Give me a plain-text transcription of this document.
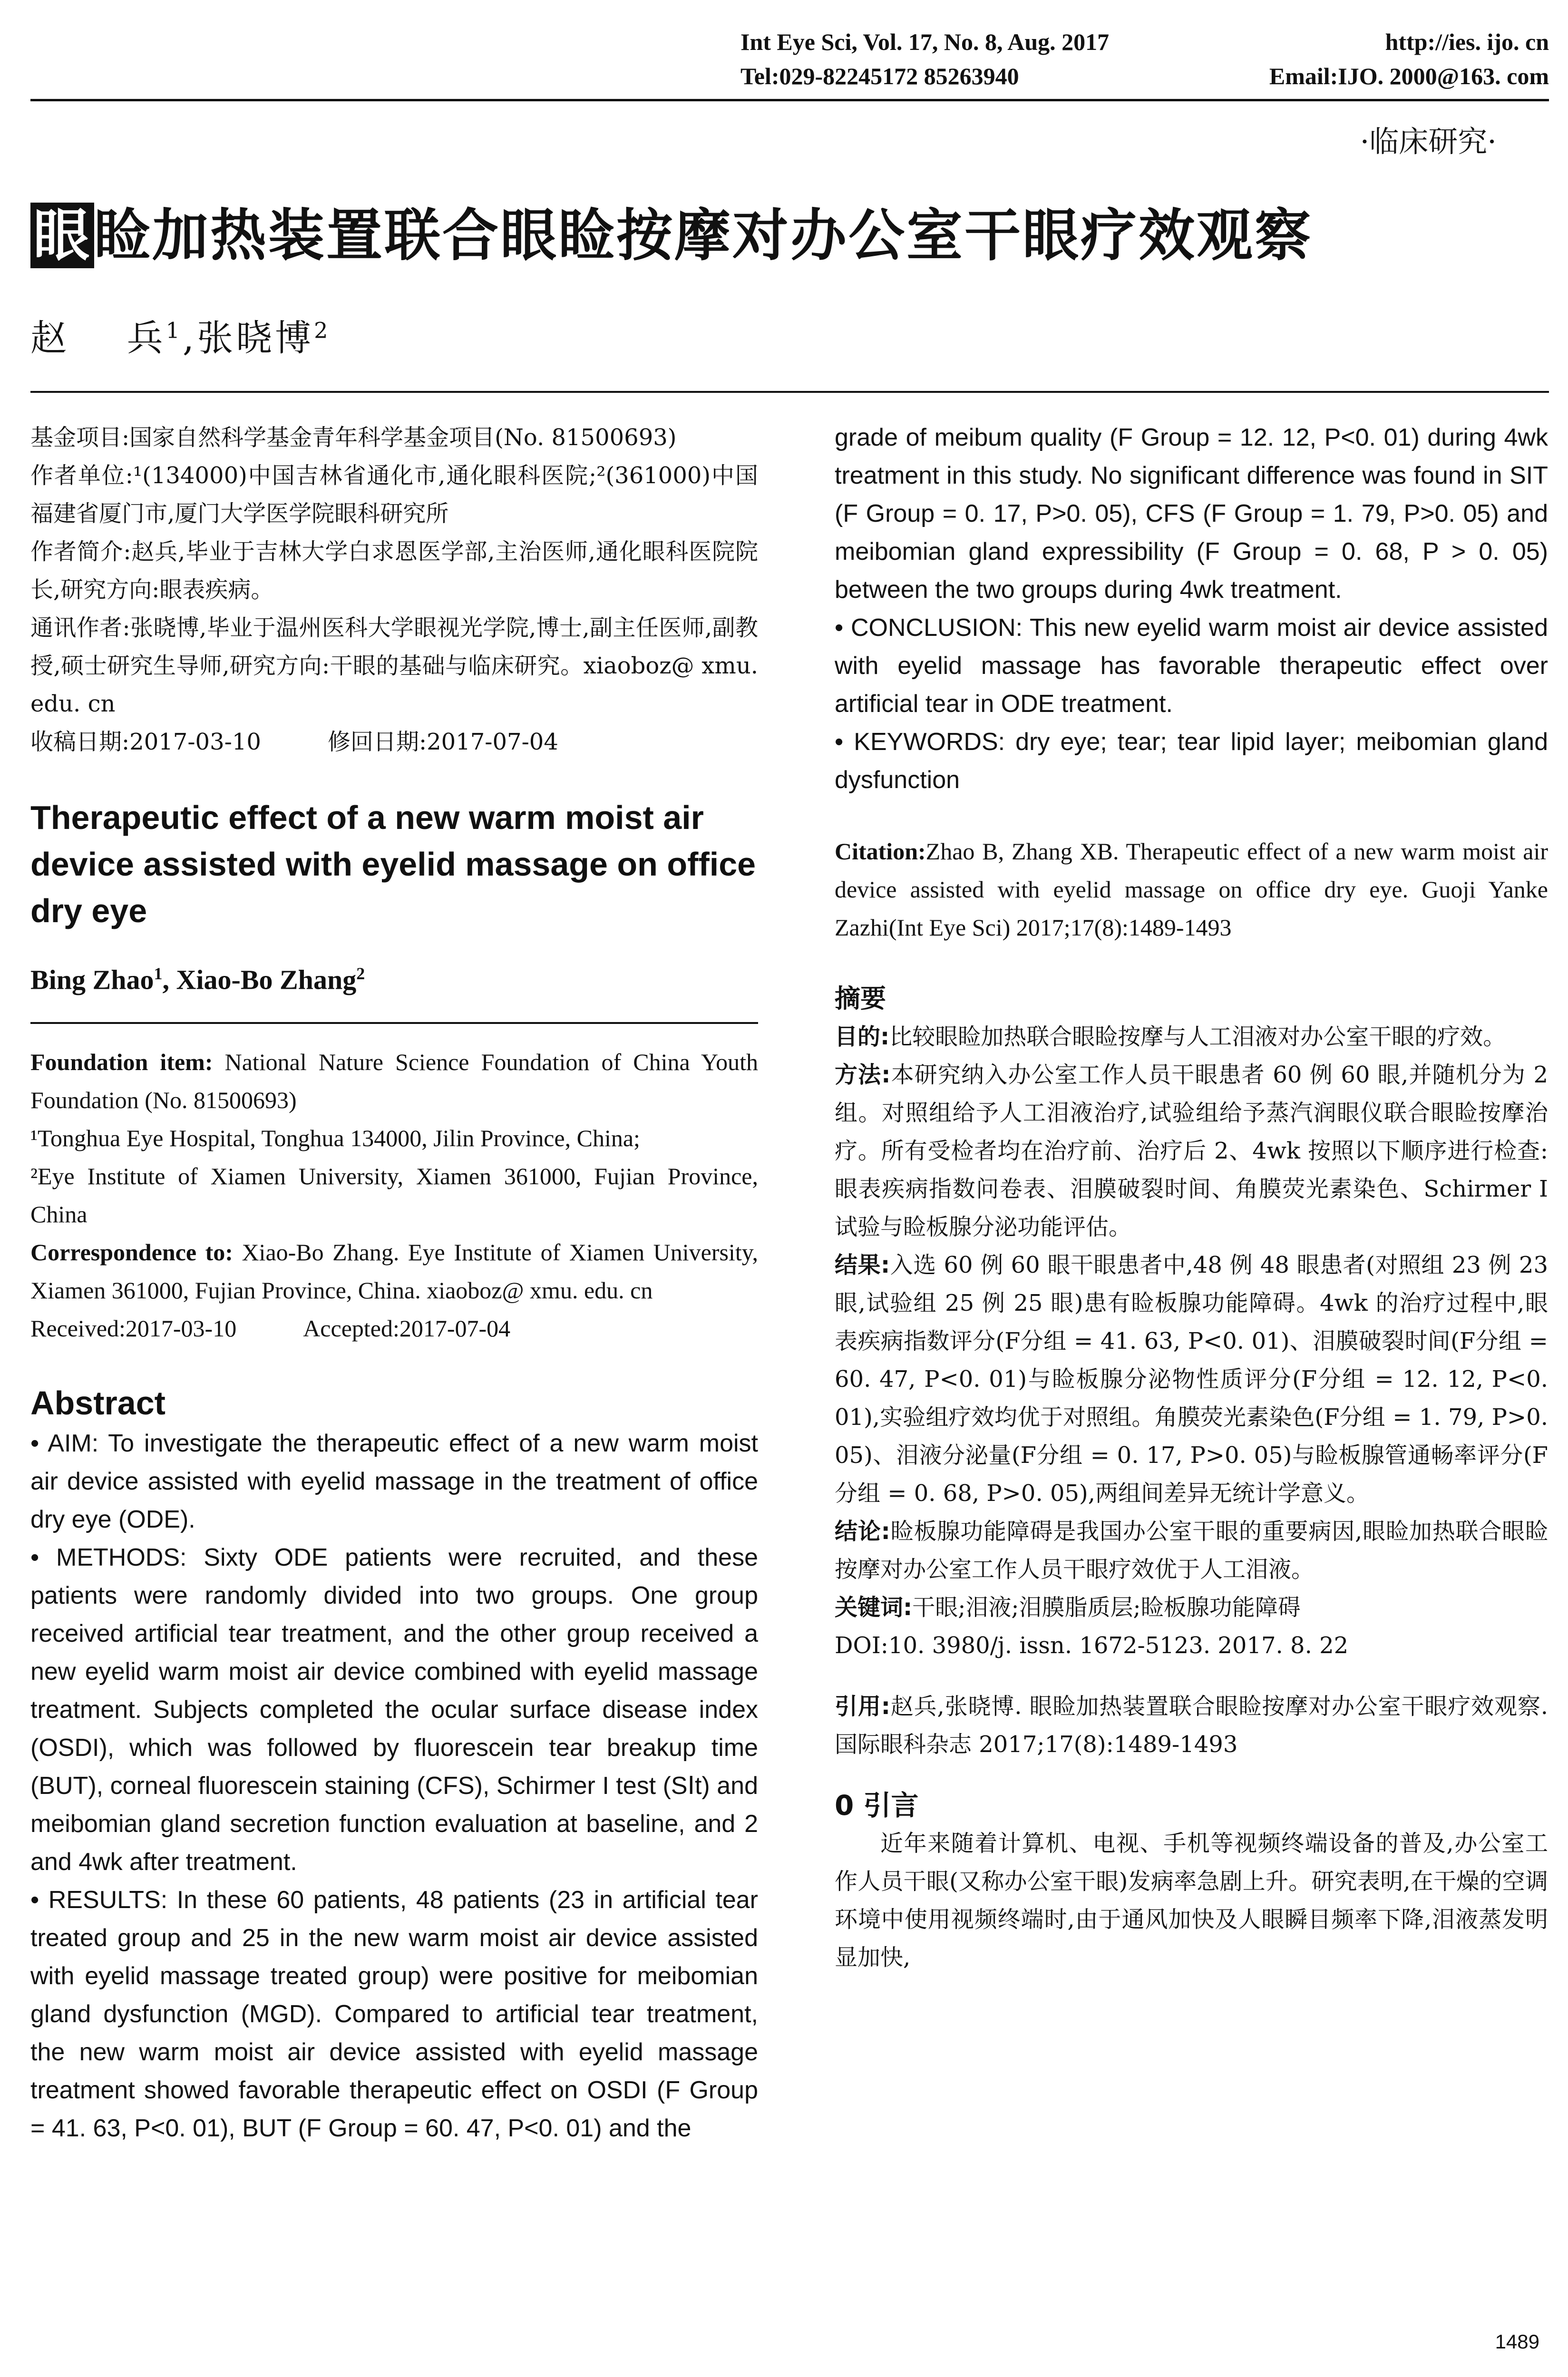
Int Eye Sci, Vol. 17, No. 8, Aug. 2017	http://ies. ijo. cn
Tel:029-82245172 85263940	Email:IJO. 2000@163. com
·临床研究·
眼睑加热装置联合眼睑按摩对办公室干眼疗效观察
赵    兵$^1$,张晓博$^2$

基金项目:国家自然科学基金青年科学基金项目(No. 81500693)

作者单位:¹(134000)中国吉林省通化市,通化眼科医院;²(361000)中国福建省厦门市,厦门大学医学院眼科研究所

作者简介:赵兵,毕业于吉林大学白求恩医学部,主治医师,通化眼科医院院长,研究方向:眼表疾病。

通讯作者:张晓博,毕业于温州医科大学眼视光学院,博士,副主任医师,副教授,硕士研究生导师,研究方向:干眼的基础与临床研究。xiaoboz@ xmu. edu. cn

收稿日期:2017-03-10	修回日期:2017-07-04

Therapeutic effect of a new warm moist air device assisted with eyelid massage on office dry eye

Bing Zhao$^1$, Xiao-Bo Zhang$^2$

Foundation item: National Nature Science Foundation of China Youth Foundation (No. 81500693)

¹Tonghua Eye Hospital, Tonghua 134000, Jilin Province, China;

²Eye Institute of Xiamen University, Xiamen 361000, Fujian Province, China

Correspondence to: Xiao-Bo Zhang. Eye Institute of Xiamen University, Xiamen 361000, Fujian Province, China. xiaoboz@ xmu. edu. cn

Received:2017-03-10	Accepted:2017-07-04

Abstract

• AIM: To investigate the therapeutic effect of a new warm moist air device assisted with eyelid massage in the treatment of office dry eye (ODE).

• METHODS: Sixty ODE patients were recruited, and these patients were randomly divided into two groups. One group received artificial tear treatment, and the other group received a new eyelid warm moist air device combined with eyelid massage treatment. Subjects completed the ocular surface disease index (OSDI), which was followed by fluorescein tear breakup time (BUT), corneal fluorescein staining (CFS), Schirmer I test (SⅠt) and meibomian gland secretion function evaluation at baseline, and 2 and 4wk after treatment.

• RESULTS: In these 60 patients, 48 patients (23 in artificial tear treated group and 25 in the new warm moist air device assisted with eyelid massage treated group) were positive for meibomian gland dysfunction (MGD). Compared to artificial tear treatment, the new warm moist air device assisted with eyelid massage treatment showed favorable therapeutic effect on OSDI (F Group = 41. 63, P<0. 01), BUT (F Group = 60. 47, P<0. 01) and the

grade of meibum quality (F Group = 12. 12, P<0. 01) during 4wk treatment in this study. No significant difference was found in SIT (F Group = 0. 17, P>0. 05), CFS (F Group = 1. 79, P>0. 05) and meibomian gland expressibility (F Group = 0. 68, P > 0. 05) between the two groups during 4wk treatment.

• CONCLUSION: This new eyelid warm moist air device assisted with eyelid massage has favorable therapeutic effect over artificial tear in ODE treatment.

• KEYWORDS: dry eye; tear; tear lipid layer; meibomian gland dysfunction

Citation:Zhao B, Zhang XB. Therapeutic effect of a new warm moist air device assisted with eyelid massage on office dry eye. Guoji Yanke Zazhi(Int Eye Sci) 2017;17(8):1489-1493

摘要

目的:比较眼睑加热联合眼睑按摩与人工泪液对办公室干眼的疗效。

方法:本研究纳入办公室工作人员干眼患者 60 例 60 眼,并随机分为 2 组。对照组给予人工泪液治疗,试验组给予蒸汽润眼仪联合眼睑按摩治疗。所有受检者均在治疗前、治疗后 2、4wk 按照以下顺序进行检查:眼表疾病指数问卷表、泪膜破裂时间、角膜荧光素染色、Schirmer I 试验与睑板腺分泌功能评估。

结果:入选 60 例 60 眼干眼患者中,48 例 48 眼患者(对照组 23 例 23 眼,试验组 25 例 25 眼)患有睑板腺功能障碍。4wk 的治疗过程中,眼表疾病指数评分(F分组 = 41. 63, P<0. 01)、泪膜破裂时间(F分组 = 60. 47, P<0. 01)与睑板腺分泌物性质评分(F分组 = 12. 12, P<0. 01),实验组疗效均优于对照组。角膜荧光素染色(F分组 = 1. 79, P>0. 05)、泪液分泌量(F分组 = 0. 17, P>0. 05)与睑板腺管通畅率评分(F分组 = 0. 68, P>0. 05),两组间差异无统计学意义。

结论:睑板腺功能障碍是我国办公室干眼的重要病因,眼睑加热联合眼睑按摩对办公室工作人员干眼疗效优于人工泪液。

关键词:干眼;泪液;泪膜脂质层;睑板腺功能障碍

DOI:10. 3980/j. issn. 1672-5123. 2017. 8. 22

引用:赵兵,张晓博. 眼睑加热装置联合眼睑按摩对办公室干眼疗效观察. 国际眼科杂志 2017;17(8):1489-1493

0 引言

近年来随着计算机、电视、手机等视频终端设备的普及,办公室工作人员干眼(又称办公室干眼)发病率急剧上升。研究表明,在干燥的空调环境中使用视频终端时,由于通风加快及人眼瞬目频率下降,泪液蒸发明显加快,

1489
